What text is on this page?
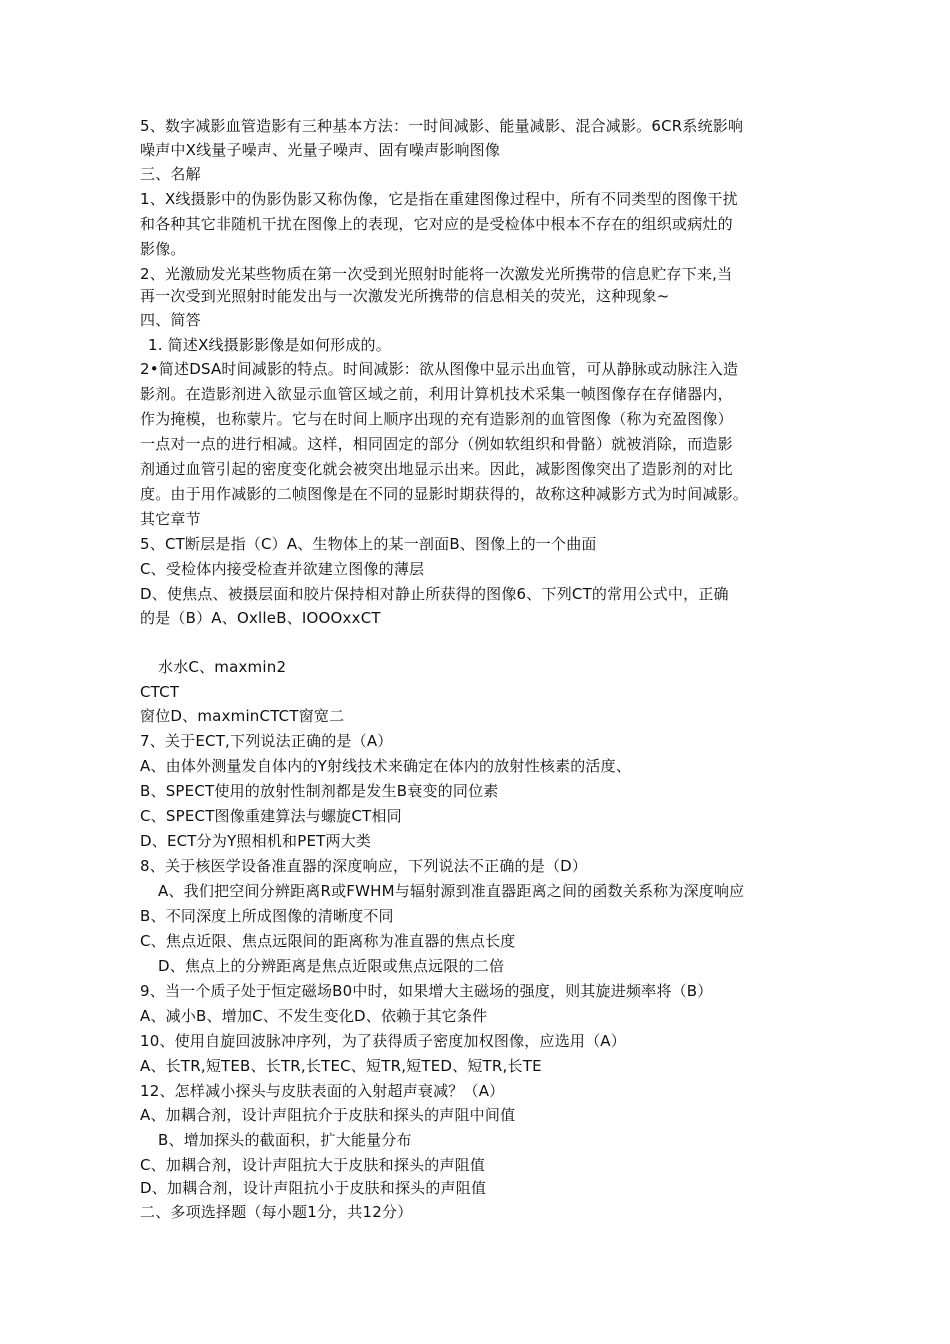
5、数字减影血管造影有三种基本方法：一时间减影、能量减影、混合减影。6CR系统影响
噪声中X线量子噪声、光量子噪声、固有噪声影响图像
三、名解
1、X线摄影中的伪影伪影又称伪像，它是指在重建图像过程中，所有不同类型的图像干扰
和各种其它非随机干扰在图像上的表现，它对应的是受检体中根本不存在的组织或病灶的
影像。
2、光激励发光某些物质在第一次受到光照射时能将一次激发光所携带的信息贮存下来,当
再一次受到光照射时能发出与一次激发光所携带的信息相关的荧光，这种现象~
四、简答
1. 简述X线摄影影像是如何形成的。
2•简述DSA时间减影的特点。时间减影：欲从图像中显示出血管，可从静脉或动脉注入造
影剂。在造影剂进入欲显示血管区域之前，利用计算机技术采集一帧图像存在存储器内，
作为掩模，也称蒙片。它与在时间上顺序出现的充有造影剂的血管图像（称为充盈图像）
一点对一点的进行相减。这样，相同固定的部分（例如软组织和骨骼）就被消除，而造影
剂通过血管引起的密度变化就会被突出地显示出来。因此，减影图像突出了造影剂的对比
度。由于用作减影的二帧图像是在不同的显影时期获得的，故称这种减影方式为时间减影。
其它章节
5、CT断层是指（C）A、生物体上的某一剖面B、图像上的一个曲面
C、受检体内接受检查并欲建立图像的薄层
D、使焦点、被摄层面和胶片保持相对静止所获得的图像6、下列CT的常用公式中，正确
的是（B）A、OxlleB、IOOOxxCT
水水C、maxmin2
CTCT
窗位D、maxminCTCT窗宽二
7、关于ECT,下列说法正确的是（A）
A、由体外测量发自体内的Y射线技术来确定在体内的放射性核素的活度、
B、SPECT使用的放射性制剂都是发生B衰变的同位素
C、SPECT图像重建算法与螺旋CT相同
D、ECT分为Y照相机和PET两大类
8、关于核医学设备准直器的深度响应，下列说法不正确的是（D）
A、我们把空间分辨距离R或FWHM与辐射源到准直器距离之间的函数关系称为深度响应
B、不同深度上所成图像的清晰度不同
C、焦点近限、焦点远限间的距离称为准直器的焦点长度
D、焦点上的分辨距离是焦点近限或焦点远限的二倍
9、当一个质子处于恒定磁场B0中时，如果增大主磁场的强度，则其旋进频率将（B）
A、减小B、增加C、不发生变化D、依赖于其它条件
10、使用自旋回波脉冲序列，为了获得质子密度加权图像，应选用（A）
A、长TR,短TEB、长TR,长TEC、短TR,短TED、短TR,长TE
12、怎样减小探头与皮肤表面的入射超声衰减？（A）
A、加耦合剂，设计声阻抗介于皮肤和探头的声阻中间值
B、增加探头的截面积，扩大能量分布
C、加耦合剂，设计声阻抗大于皮肤和探头的声阻值
D、加耦合剂，设计声阻抗小于皮肤和探头的声阻值
二、多项选择题（每小题1分，共12分）
